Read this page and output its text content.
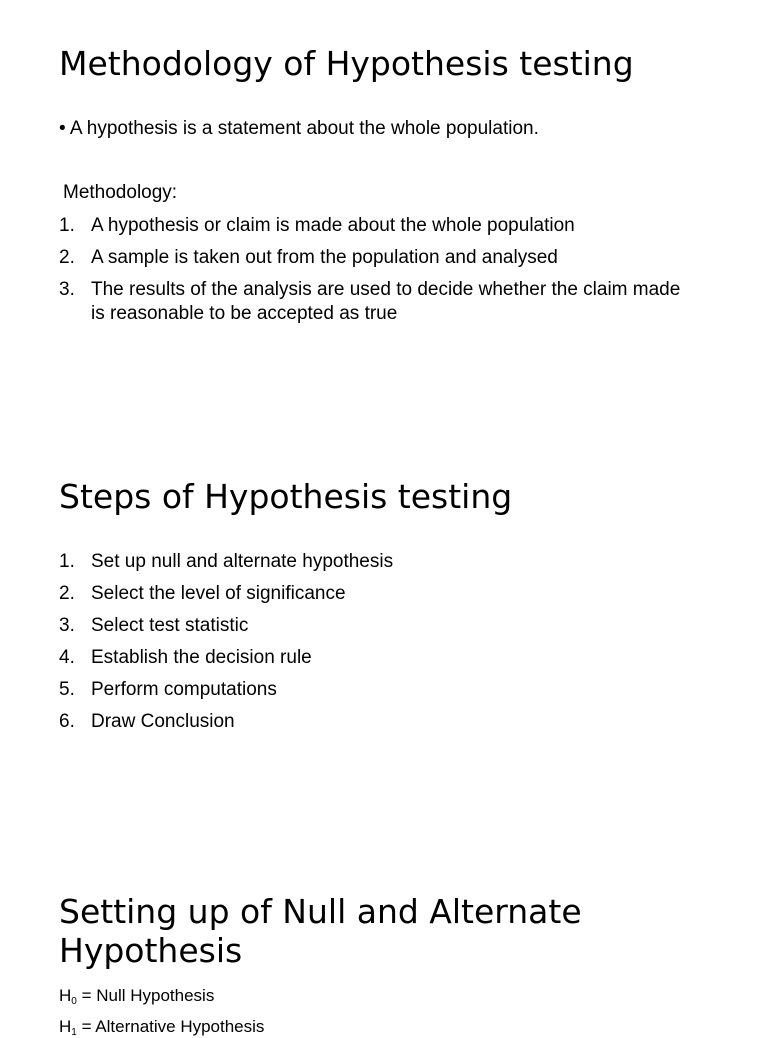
Methodology of Hypothesis testing
• A hypothesis is a statement about the whole population.
Methodology:
1. A hypothesis or claim is made about the whole population
2. A sample is taken out from the population and analysed
3. The results of the analysis are used to decide whether the claim made is reasonable to be accepted as true
Steps of Hypothesis testing
1. Set up null and alternate hypothesis
2. Select the level of significance
3. Select test statistic
4. Establish the decision rule
5. Perform computations
6. Draw Conclusion
Setting up of Null and Alternate Hypothesis
$H_0$ = Null Hypothesis
$H_1$ = Alternative Hypothesis
